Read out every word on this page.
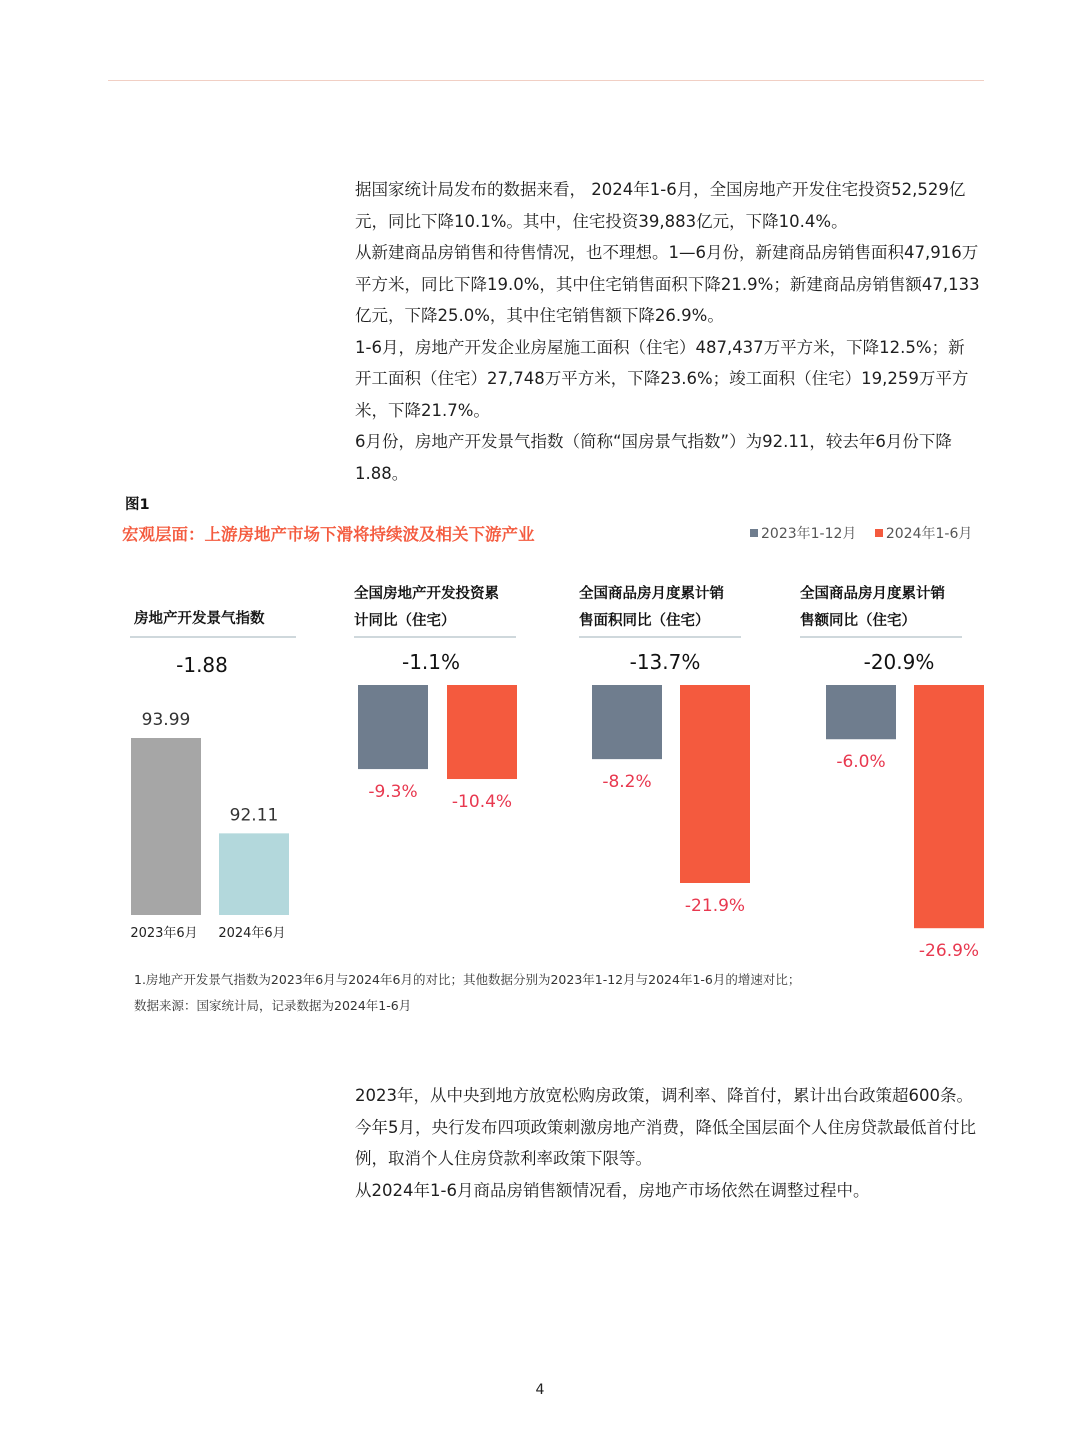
据国家统计局发布的数据来看， 2024年1-6月，全国房地产开发住宅投资52,529亿元，同比下降10.1%。其中，住宅投资39,883亿元，下降10.4%。

从新建商品房销售和待售情况，也不理想。1—6月份，新建商品房销售面积47,916万平方米，同比下降19.0%，其中住宅销售面积下降21.9%；新建商品房销售额47,133亿元，下降25.0%，其中住宅销售额下降26.9%。

1-6月，房地产开发企业房屋施工面积（住宅）487,437万平方米，下降12.5%；新开工面积（住宅）27,748万平方米，下降23.6%；竣工面积（住宅）19,259万平方米，下降21.7%。

6月份，房地产开发景气指数（简称“国房景气指数”）为92.11，较去年6月份下降1.88。

图1
宏观层面：上游房地产市场下滑将持续波及相关下游产业	2023年1-12月 2024年1-6月
房地产开发景气指数
-1.88
93.99
2023年6月
92.11
2024年6月
全国房地产开发投资累
计同比（住宅）
-1.1%
-9.3% -10.4%
全国商品房月度累计销
售面积同比（住宅）
-13.7%
-8.2%
-21.9%
全国商品房月度累计销
售额同比（住宅）
-20.9%
-6.0%
-26.9%
1.房地产开发景气指数为2023年6月与2024年6月的对比；其他数据分别为2023年1-12月与2024年1-6月的增速对比；
数据来源：国家统计局，记录数据为2024年1-6月

2023年，从中央到地方放宽松购房政策，调利率、降首付，累计出台政策超600条。今年5月，央行发布四项政策刺激房地产消费，降低全国层面个人住房贷款最低首付比例，取消个人住房贷款利率政策下限等。

从2024年1-6月商品房销售额情况看，房地产市场依然在调整过程中。

4
